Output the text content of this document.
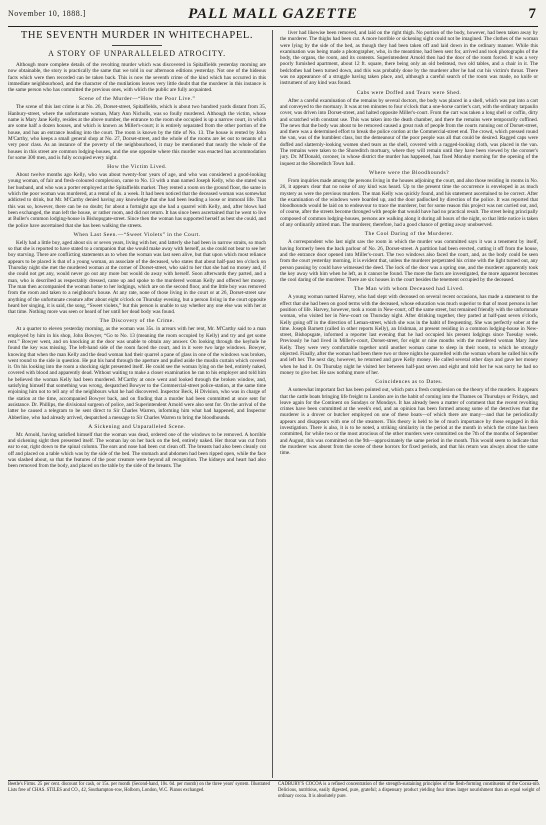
November 10, 1888.]	PALL MALL GAZETTE	7
THE SEVENTH MURDER IN WHITECHAPEL.
A STORY OF UNPARALLELED ATROCITY.

Although more complete details of the revolting murder which was discovered in Spitalfields yesterday morning are now obtainable, the story is practically the same that we told in our afternoon editions yesterday. Not one of the hideous facts which were then recorded can be taken back. This is now the seventh crime of the kind which has occurred in this immediate neighbourhood, and the character of the mutilations leaves very little doubt that the murderer in this instance is the same person who has committed the previous ones, with which the public are fully acquainted.

Scene of the Murder—“How the Poor Live.”

The scene of this last crime is at No. 26, Dorset-street, Spitalfields, which is about two hundred yards distant from 35, Hanbury-street, where the unfortunate woman, Mary Ann Nicholls, was so foully murdered. Although the victim, whose name is Mary Jane Kelly, resides at the above number, the entrance to the room she occupied is up a narrow court, in which are some half a dozen houses, and which is known as Miller's-court; it is entirely separated from the other portion of the house, and has an entrance leading into the court. The room is known by the title of No. 13. The house is rented by John M'Carthy, who keeps a small general shop at No. 27, Dorset-street, and the whole of the rooms are let out to tenants of a very poor class. As an instance of the poverty of the neighbourhood, it may be mentioned that nearly the whole of the houses in this street are common lodging-houses, and the one opposite where this murder was enacted has accommodation for some 300 men, and is fully occupied every night.

How the Victim Lived.

About twelve months ago Kelly, who was about twenty-four years of age, and who was considered a good-looking young woman, of fair and fresh-coloured complexion, came to No. 13 with a man named Joseph Kelly, who she stated was her husband, and who was a porter employed at the Spitalfields market. They rented a room on the ground floor, the same in which the poor woman was murdered, at a rental of 4s. a week. It had been noticed that the deceased woman was somewhat addicted to drink, but Mr. M'Carthy denied having any knowledge that she had been leading a loose or immoral life. That this was so, however, there can be no doubt; for about a fortnight ago she had a quarrel with Kelly, and, after blows had been exchanged, the man left the house, or rather room, and did not return. It has since been ascertained that he went to live at Buller's common lodging-house in Bishopsgate-street. Since then the woman has supported herself as best she could, and the police have ascertained that she has been walking the streets.

When Last Seen.—“Sweet Violets” in the Court.

Kelly had a little boy, aged about six or seven years, living with her, and latterly she had been in narrow straits, so much so that she is reported to have stated to a companion that she would make away with herself, as she could not bear to see her boy starving. There are conflicting statements as to when the woman was last seen alive, but that upon which most reliance appears to be placed is that of a young woman, an associate of the deceased, who states that about half-past ten o'clock on Thursday night she met the murdered woman at the corner of Dorset-street, who said to her that she had no money and, if she could not get any, would never go out any more but would do away with herself. Soon afterwards they parted, and a man, who is described as respectably dressed, came up and spoke to the murdered woman Kelly and offered her money. The man then accompanied the woman home to her lodgings, which are on the second floor, and the little boy was removed from the room and taken to a neighbour's house. At any rate, none of those living in the court or at 26, Dorset-street saw anything of the unfortunate creature after about eight o'clock on Thursday evening, but a person living in the court opposite heard her singing, it is said, the song, “Sweet violets,” but this person is unable to say whether any one else was with her at that time. Nothing more was seen or heard of her until her dead body was found.

The Discovery of the Crime.

At a quarter to eleven yesterday morning, as the woman was 35s. in arrears with her rent, Mr. M'Carthy said to a man employed by him in his shop, John Bowyer, “Go to No. 13 (meaning the room occupied by Kelly) and try and get some rent.” Bowyer went, and on knocking at the door was unable to obtain any answer. On looking through the keyhole he found the key was missing. The left-hand side of the room faced the court, and in it were two large windows. Bowyer, knowing that when the man Kelly and the dead woman had their quarrel a pane of glass in one of the windows was broken, went round to the side in question. He put his hand through the aperture and pulled aside the muslin curtain which covered it. On his looking into the room a shocking sight presented itself. He could see the woman lying on the bed, entirely naked, covered with blood and apparently dead. Without waiting to make a closer examination he ran to his employer and told him he believed the woman Kelly had been murdered. M'Carthy at once went and looked through the broken window, and, satisfying himself that something was wrong, despatched Bowyer to the Commercial-street police-station, at the same time enjoining him not to tell any of the neighbours what he had discovered. Inspector Beck, H Division, who was in charge of the station at the time, accompanied Bowyer back, and on finding that a murder had been committed at once sent for assistance. Dr. Phillips, the divisional surgeon of police, and Superintendent Arnold were also sent for. On the arrival of the latter he caused a telegram to be sent direct to Sir Charles Warren, informing him what had happened, and Inspector Abberline, who had already arrived, despatched a message to Sir Charles Warren to bring the bloodhounds.

A Sickening and Unparalleled Scene.

Mr. Arnold, having satisfied himself that the woman was dead, ordered one of the windows to be removed. A horrible and sickening sight then presented itself. The woman lay on her back on the bed, entirely naked. Her throat was cut from ear to ear, right down to the spinal column. The ears and nose had been cut clean off. The breasts had also been cleanly cut off and placed on a table which was by the side of the bed. The stomach and abdomen had been ripped open, while the face was slashed about, so that the features of the poor creature were beyond all recognition. The kidneys and heart had also been removed from the body, and placed on the table by the side of the breasts. The

liver had likewise been removed, and laid on the right thigh. No portion of the body, however, had been taken away by the murderer. The thighs had been cut. A more horrible or sickening sight could not be imagined. The clothes of the woman were lying by the side of the bed, as though they had been taken off and laid down in the ordinary manner. While this examination was being made a photographer, who, in the meantime, had been sent for, arrived and took photographs of the body, the organs, the room, and its contents. Superintendent Arnold then had the door of the room forced. It was a very poorly furnished apartment, about 12 ft. square, there being only an old bedstead, two old tables, and a chair in it. The bedclothes had been turned down, and this was probably done by the murderer after he had cut his victim's throat. There was no appearance of a struggle having taken place, and, although a careful search of the room was made, no knife or instrument of any kind was found.

Cabs were Doffed and Tears were Shed.

After a careful examination of the remains by several doctors, the body was placed in a shell, which was put into a cart and conveyed to the mortuary. It was at ten minutes to four o'clock that a one-horse carrier's cart, with the ordinary tarpaulin cover, was driven into Dorset-street, and halted opposite Miller's-court. From the cart was taken a long shell or coffin, dirty and scratched with constant use. This was taken into the death chamber, and there the remains were temporarily coffined. The news that the body was about to be removed caused a great rush of people from the courts running out of Dorset-street, and there was a determined effort to break the police cordon at the Commercial-street end. The crowd, which pressed round the van, was of the humblest class, but the demeanour of the poor people was all that could be desired. Ragged caps were doffed and slatternly-looking women shed tears as the shell, covered with a ragged-looking cloth, was placed in the van. The remains were taken to the Shoreditch mortuary, where they will remain until they have been viewed by the coroner's jury. Dr. M'Donald, coroner, in whose district the murder has happened, has fixed Monday morning for the opening of the inquest at the Shoreditch Town hall.

Where were the Bloodhounds?

From inquiries made among the persons living in the houses adjoining the court, and also those residing in rooms in No. 26, it appears clear that no noise of any kind was heard. Up to the present time the occurrence is enveloped in as much mystery as were the previous murders. The man Kelly was quickly found, and his statement ascertained to be correct. After the examination of the windows were boarded up, and the door padlocked by direction of the police. It was reported that bloodhounds would be laid on to endeavour to trace the murderer, but for some reason this project was not carried out, and, of course, after the streets become thronged with people that would have had no practical result. The street being principally composed of common lodging-houses, persons are walking along it during all hours of the night, so that little notice is taken of any ordinarily attired man. The murderer, therefore, had a good chance of getting away unobserved.

The Cool Daring of the Murderer.

A correspondent who last night saw the room in which the murder was committed says it was a tenement by itself, having formerly been the back parlour of No. 26, Dorset-street. A partition had been erected, cutting it off from the house, and the entrance door opened into Miller's-court. The two windows also faced the court, and, as the body could be seen from the court yesterday morning, it is evident that, unless the murderer perpetrated his crime with the light turned out, any person passing by could have witnessed the deed. The lock of the door was a spring one, and the murderer apparently took the key away with him when he left, as it cannot be found. The more the facts are investigated, the more apparent becomes the cool daring of the murderer. There are six houses in the court besides the tenement occupied by the deceased.

The Man with whom Deceased had Lived.

A young woman named Harvey, who had slept with deceased on several recent occasions, has made a statement to the effect that she had been on good terms with the deceased, whose education was much superior to that of most persons in her position of life. Harvey, however, took a room in New-court, off the same street, but remained friendly with the unfortunate woman, who visited her in New-court on Thursday night. After drinking together, they parted at half-past seven o'clock, Kelly going off in the direction of Leman-street, which she was in the habit of frequenting. She was perfectly sober at the time. Joseph Barnett (called in other reports Kelly), an Irishman, at present residing in a common lodging-house in New-street, Bishopsgate, informed a reporter last evening that he had occupied his present lodgings since Tuesday week. Previously he had lived in Miller's-court, Dorset-street, for eight or nine months with the murdered woman Mary Jane Kelly. They were very comfortable together until another woman came to sleep in their room, to which he strongly objected. Finally, after the woman had been there two or three nights he quarrelled with the woman whom he called his wife and left her. The next day, however, he returned and gave Kelly money. He called several other days and gave her money when he had it. On Thursday night he visited her between half-past seven and eight and told her he was sorry he had no money to give her. He saw nothing more of her.

Coincidences as to Dates.

A somewhat important fact has been pointed out, which puts a fresh complexion on the theory of the murders. It appears that the cattle boats bringing life freight to London are in the habit of coming into the Thames on Thursdays or Fridays, and leave again for the Continent on Sundays or Mondays. It has already been a matter of comment that the recent revolting crimes have been committed at the week's end, and an opinion has been formed among some of the detectives that the murderer is a drover or butcher employed on one of these boats—of which there are many—and that he periodically appears and disappears with one of the steamers. This theory is held to be of much importance by those engaged in this investigation. There is also, it is to be noted, a striking similarity in the period at the month in which the crime has been committed, for while two or the most atrocious of the other murders were committed on the 7th of the months of September and August, this was committed on the 9th—approximately the same period in the month. This would seem to indicate that the murderer was absent from the scene of these horrors for fixed periods, and that his return was always about the same time.

Beetle's Firms. 25 per cent. discount for cash, or 15s. per month (Second-hand, 10s. 6d. per month) on the three years' system. Illustrated Lists free of CHAS. STILES and CO., 42, Southampton-row, Holborn, London, W.C. Pianos exchanged.
CADBURY'S COCOA is a refined concentration of the strength-sustaining principles of the flesh-forming constituents of the Cocoa-nib. Delicious, nutritious, easily digested, pure, grateful; a dispensary product yielding four times larger nourishment than an equal weight of ordinary cocoa. It is absolutely pure.
